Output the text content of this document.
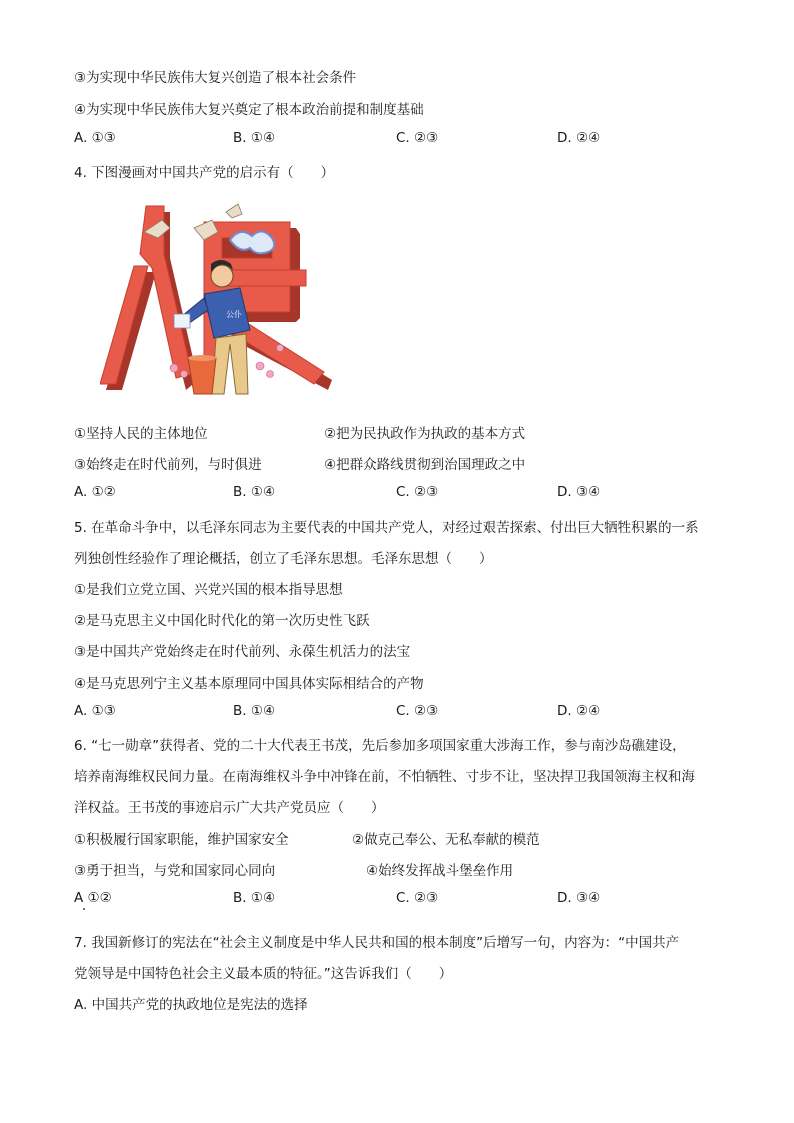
③为实现中华民族伟大复兴创造了根本社会条件
④为实现中华民族伟大复兴奠定了根本政治前提和制度基础
A. ①③	B. ①④	C. ②③	D. ②④
4. 下图漫画对中国共产党的启示有（　　）
公仆
①坚持人民的主体地位	②把为民执政作为执政的基本方式
③始终走在时代前列，与时俱进	④把群众路线贯彻到治国理政之中
A. ①②	B. ①④	C. ②③	D. ③④
5. 在革命斗争中，以毛泽东同志为主要代表的中国共产党人，对经过艰苦探索、付出巨大牺牲积累的一系
列独创性经验作了理论概括，创立了毛泽东思想。毛泽东思想（　　）
①是我们立党立国、兴党兴国的根本指导思想
②是马克思主义中国化时代化的第一次历史性飞跃
③是中国共产党始终走在时代前列、永葆生机活力的法宝
④是马克思列宁主义基本原理同中国具体实际相结合的产物
A. ①③	B. ①④	C. ②③	D. ②④
6. “七一勋章”获得者、党的二十大代表王书茂，先后参加多项国家重大涉海工作，参与南沙岛礁建设，
培养南海维权民间力量。在南海维权斗争中冲锋在前，不怕牺牲、寸步不让，坚决捍卫我国领海主权和海
洋权益。王书茂的事迹启示广大共产党员应（　　）
①积极履行国家职能，维护国家安全	②做克己奉公、无私奉献的模范
③勇于担当，与党和国家同心同向	④始终发挥战斗堡垒作用
A ①②	B. ①④	C. ②③	D. ③④
7. 我国新修订的宪法在“社会主义制度是中华人民共和国的根本制度”后增写一句，内容为：“中国共产
党领导是中国特色社会主义最本质的特征。”这告诉我们（　　）
A. 中国共产党的执政地位是宪法的选择
